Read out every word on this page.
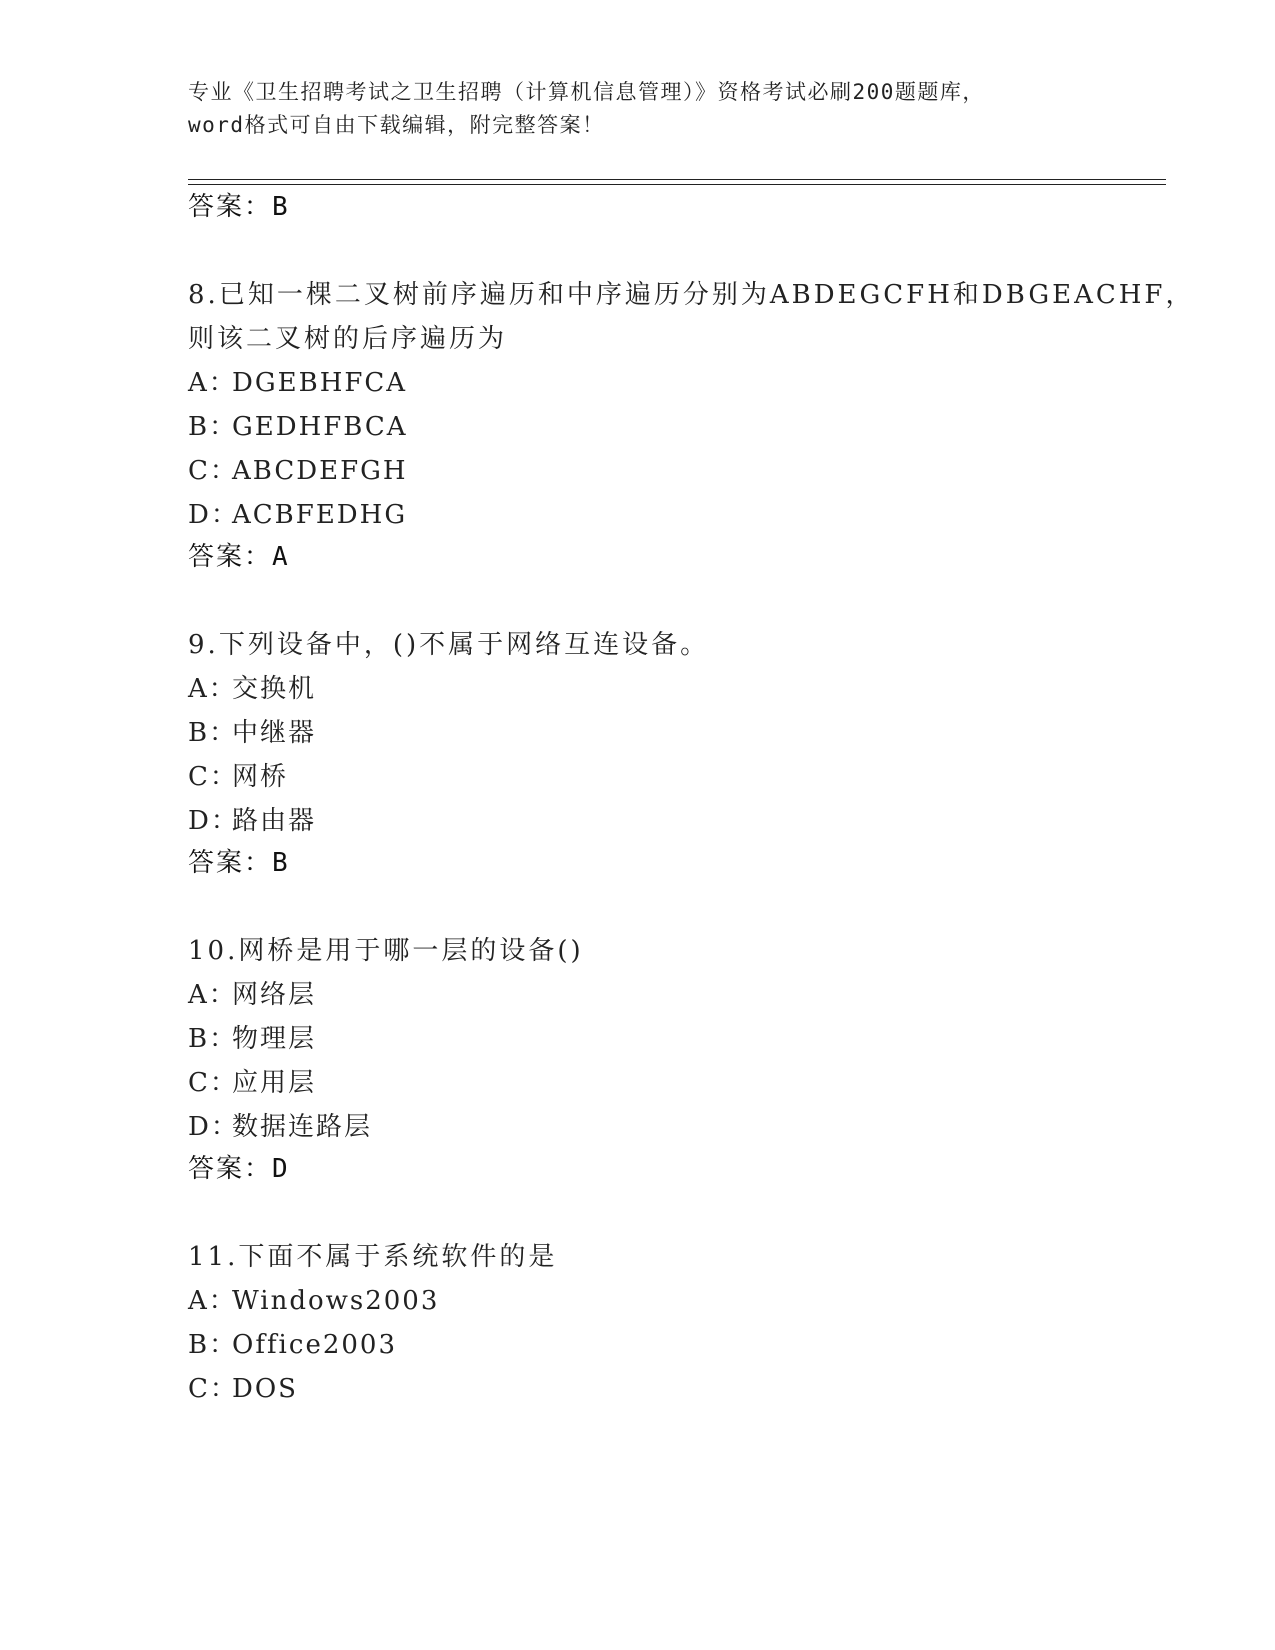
专业《卫生招聘考试之卫生招聘（计算机信息管理）》资格考试必刷200题题库，
word格式可自由下载编辑，附完整答案！
答案：B
8.已知一棵二叉树前序遍历和中序遍历分别为ABDEGCFH和DBGEACHF，
则该二叉树的后序遍历为
A：DGEBHFCA
B：GEDHFBCA
C：ABCDEFGH
D：ACBFEDHG
答案：A
9.下列设备中，()不属于网络互连设备。
A：交换机
B：中继器
C：网桥
D：路由器
答案：B
10.网桥是用于哪一层的设备()
A：网络层
B：物理层
C：应用层
D：数据连路层
答案：D
11.下面不属于系统软件的是
A：Windows2003
B：Office2003
C：DOS
